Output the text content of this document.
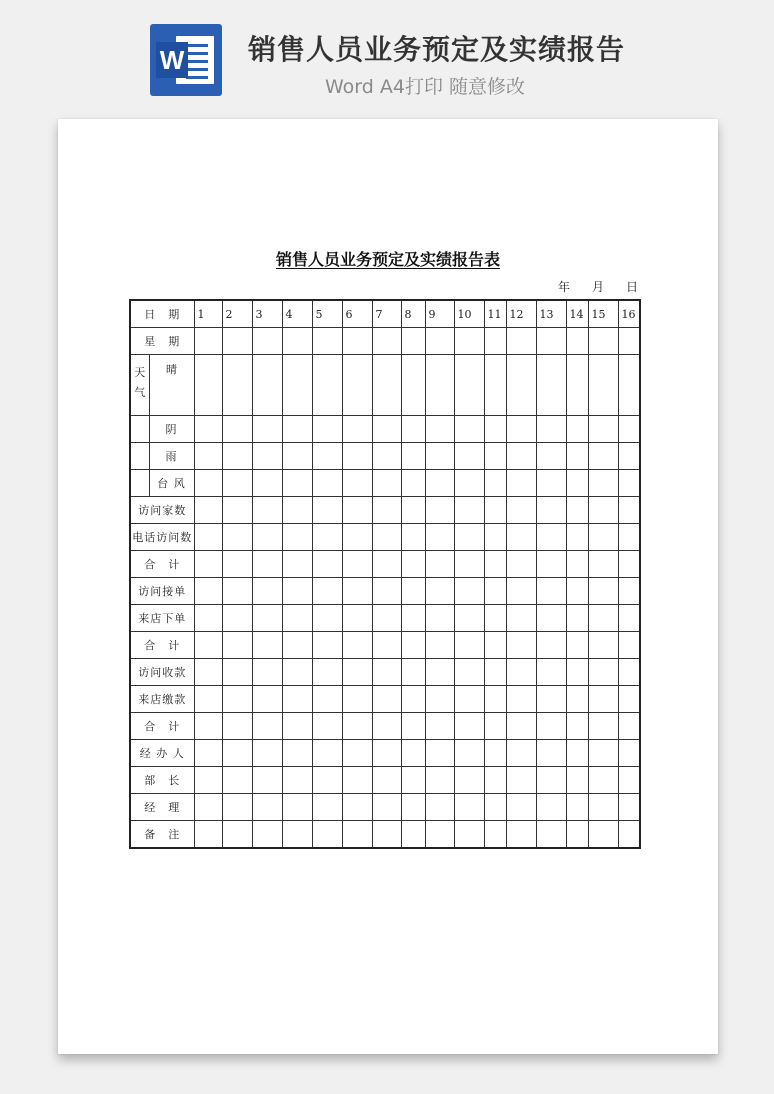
W 销售人员业务预定及实绩报告
Word A4打印 随意修改

销售人员业务预定及实绩报告表
年 月 日
日　期		1	2	3	4	5	6	7	8	9	10	11	12	13	14	15	16
星　期																	

天
气	晴																
	阴																
	雨																
	台 风																
访问家数																	
电话访问数																	
合　计																	
访问接单																	
来店下单																	
合　计																	
访问收款																	
来店缴款																	
合　计																	
经 办 人																	
部　长																	
经　理																	
备　注																	
